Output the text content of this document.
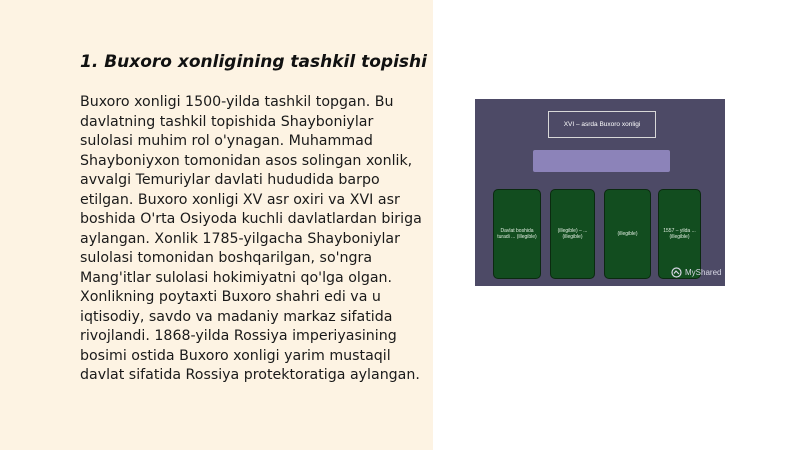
1. Buxoro xonligining tashkil topishi

Buxoro xonligi 1500-yilda tashkil topgan. Bu davlatning tashkil topishida Shayboniylar sulolasi muhim rol o'ynagan. Muhammad Shayboniyxon tomonidan asos solingan xonlik, avvalgi Temuriylar davlati hududida barpo etilgan. Buxoro xonligi XV asr oxiri va XVI asr boshida O'rta Osiyoda kuchli davlatlardan biriga aylangan. Xonlik 1785-yilgacha Shayboniylar sulolasi tomonidan boshqarilgan, so'ngra Mang'itlar sulolasi hokimiyatni qo'lga olgan. Xonlikning poytaxti Buxoro shahri edi va u iqtisodiy, savdo va madaniy markaz sifatida rivojlandi. 1868-yilda Rossiya imperiyasining bosimi ostida Buxoro xonligi yarim mustaqil davlat sifatida Rossiya protektoratiga aylangan.

XVI – asrda Buxoro xonligi
Davlat boshida turadi ... (illegible)
(illegible) – ... (illegible)
(illegible)
1557 – yilda ... (illegible)
MyShared
